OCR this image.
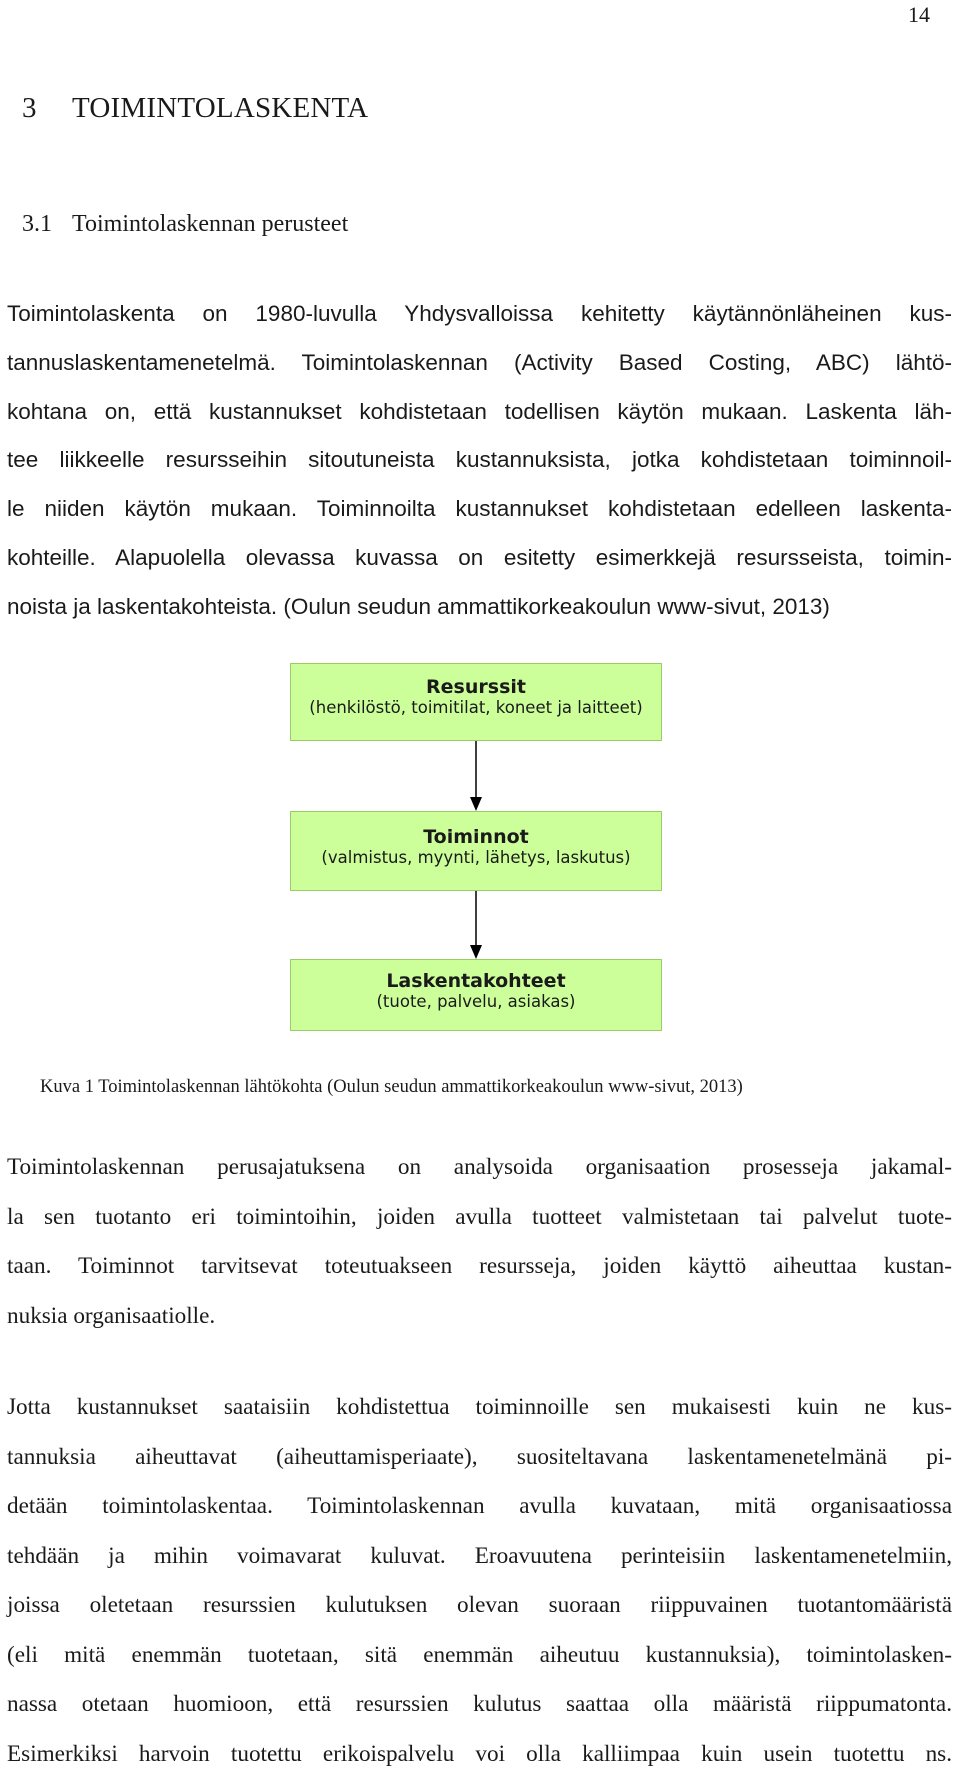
14
3 TOIMINTOLASKENTA
3.1 Toimintolaskennan perusteet
Toimintolaskenta on 1980-luvulla Yhdysvalloissa kehitetty käytännönläheinen kus-
tannuslaskentamenetelmä. Toimintolaskennan (Activity Based Costing, ABC) lähtö-
kohtana on, että kustannukset kohdistetaan todellisen käytön mukaan. Laskenta läh-
tee liikkeelle resursseihin sitoutuneista kustannuksista, jotka kohdistetaan toiminnoil-
le niiden käytön mukaan. Toiminnoilta kustannukset kohdistetaan edelleen laskenta-
kohteille. Alapuolella olevassa kuvassa on esitetty esimerkkejä resursseista, toimin-
noista ja laskentakohteista. (Oulun seudun ammattikorkeakoulun www-sivut, 2013)
Resurssit
(henkilöstö, toimitilat, koneet ja laitteet)
Toiminnot
(valmistus, myynti, lähetys, laskutus)
Laskentakohteet
(tuote, palvelu, asiakas)
Kuva 1 Toimintolaskennan lähtökohta (Oulun seudun ammattikorkeakoulun www-sivut, 2013)
Toimintolaskennan perusajatuksena on analysoida organisaation prosesseja jakamal-
la sen tuotanto eri toimintoihin, joiden avulla tuotteet valmistetaan tai palvelut tuote-
taan. Toiminnot tarvitsevat toteutuakseen resursseja, joiden käyttö aiheuttaa kustan-
nuksia organisaatiolle.
Jotta kustannukset saataisiin kohdistettua toiminnoille sen mukaisesti kuin ne kus-
tannuksia aiheuttavat (aiheuttamisperiaate), suositeltavana laskentamenetelmänä pi-
detään toimintolaskentaa. Toimintolaskennan avulla kuvataan, mitä organisaatiossa
tehdään ja mihin voimavarat kuluvat. Eroavuutena perinteisiin laskentamenetelmiin,
joissa oletetaan resurssien kulutuksen olevan suoraan riippuvainen tuotantomääristä
(eli mitä enemmän tuotetaan, sitä enemmän aiheutuu kustannuksia), toimintolasken-
nassa otetaan huomioon, että resurssien kulutus saattaa olla määristä riippumatonta.
Esimerkiksi harvoin tuotettu erikoispalvelu voi olla kalliimpaa kuin usein tuotettu ns.
